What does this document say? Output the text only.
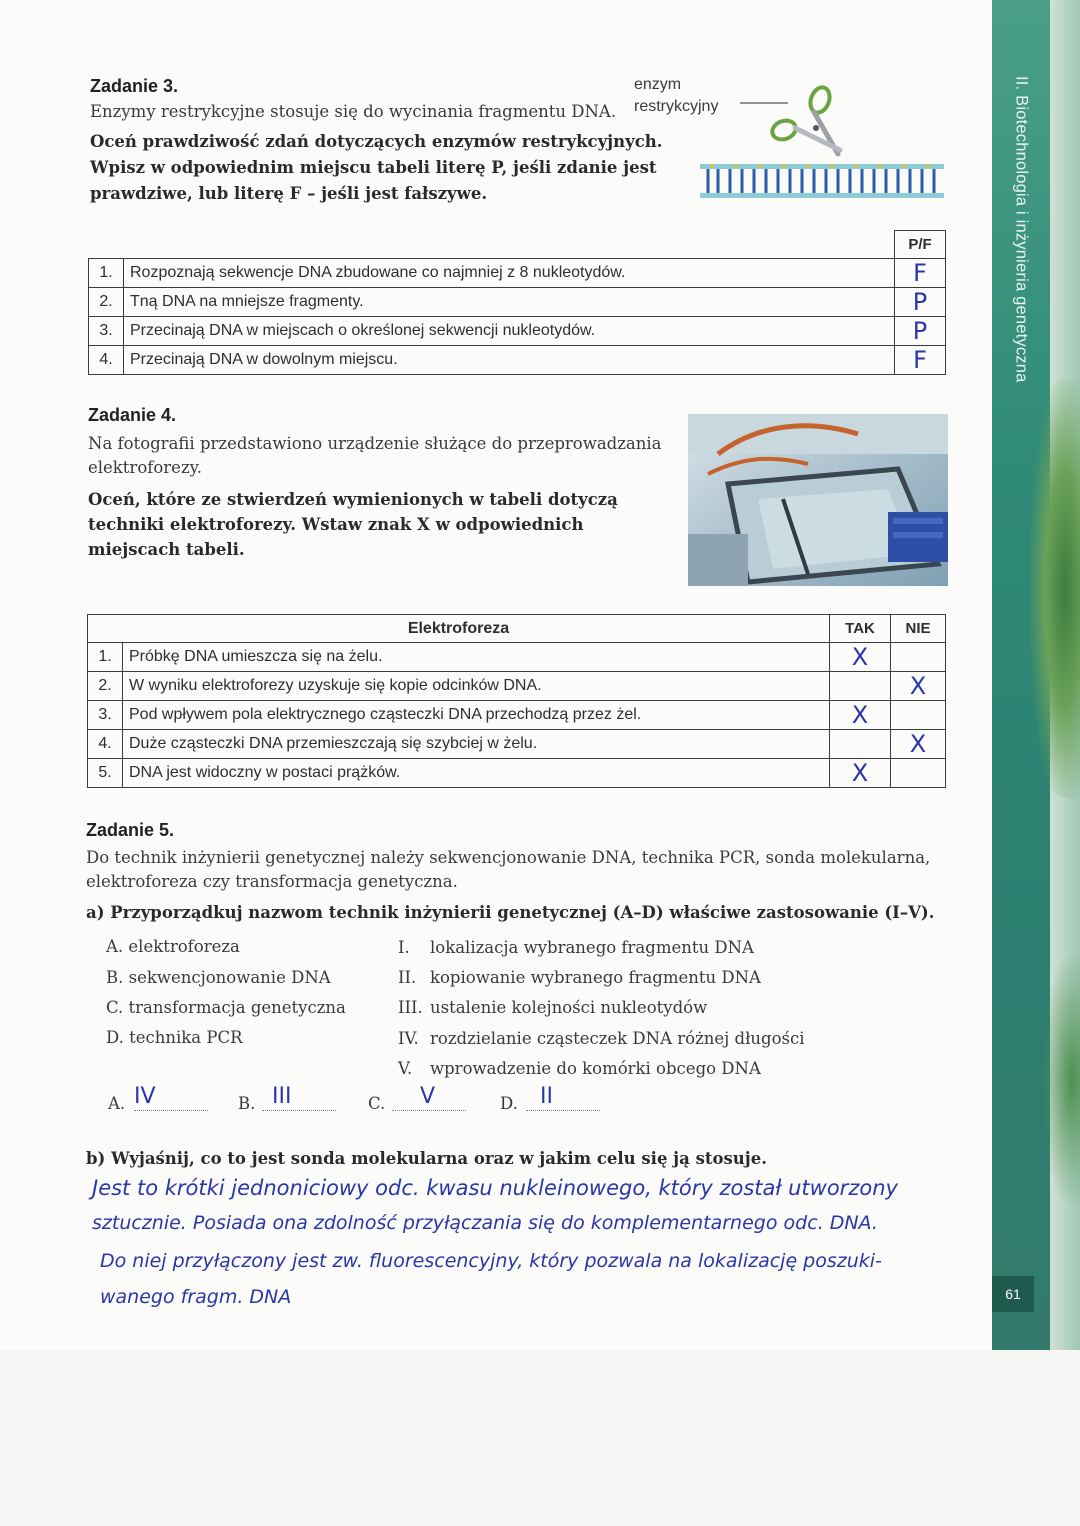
II. Biotechnologia i inżynieria genetyczna
61
Zadanie 3.
Enzymy restrykcyjne stosuje się do wycinania fragmentu DNA.
Oceń prawdziwość zdań dotyczących enzymów restrykcyjnych.
Wpisz w odpowiednim miejscu tabeli literę P, jeśli zdanie jest
prawdziwe, lub literę F – jeśli jest fałszywe.
enzym
restrykcyjny
		P/F
1.	Rozpoznają sekwencje DNA zbudowane co najmniej z 8 nukleotydów.	F
2.	Tną DNA na mniejsze fragmenty.	P
3.	Przecinają DNA w miejscach o określonej sekwencji nukleotydów.	P
4.	Przecinają DNA w dowolnym miejscu.	F
Zadanie 4.
Na fotografii przedstawiono urządzenie służące do przeprowadzania
elektroforezy.
Oceń, które ze stwierdzeń wymienionych w tabeli dotyczą
techniki elektroforezy. Wstaw znak X w odpowiednich
miejscach tabeli.
Elektroforeza		TAK	NIE
1.	Próbkę DNA umieszcza się na żelu.	X	
2.	W wyniku elektroforezy uzyskuje się kopie odcinków DNA.		X
3.	Pod wpływem pola elektrycznego cząsteczki DNA przechodzą przez żel.	X	
4.	Duże cząsteczki DNA przemieszczają się szybciej w żelu.		X
5.	DNA jest widoczny w postaci prążków.	X	
Zadanie 5.
Do technik inżynierii genetycznej należy sekwencjonowanie DNA, technika PCR, sonda molekularna,
elektroforeza czy transformacja genetyczna.
a) Przyporządkuj nazwom technik inżynierii genetycznej (A–D) właściwe zastosowanie (I–V).
A. elektroforeza
B. sekwencjonowanie DNA
C. transformacja genetyczna
D. technika PCR
I. lokalizacja wybranego fragmentu DNA
II. kopiowanie wybranego fragmentu DNA
III. ustalenie kolejności nukleotydów
IV. rozdzielanie cząsteczek DNA różnej długości
V. wprowadzenie do komórki obcego DNA
A. IV	B. III	C.	V	D.	II
b) Wyjaśnij, co to jest sonda molekularna oraz w jakim celu się ją stosuje.
Jest to krótki jednoniciowy odc. kwasu nukleinowego, który został utworzony
sztucznie. Posiada ona zdolność przyłączania się do komplementarnego odc. DNA.
Do niej przyłączony jest zw. fluorescencyjny, który pozwala na lokalizację poszuki-
wanego fragm. DNA
